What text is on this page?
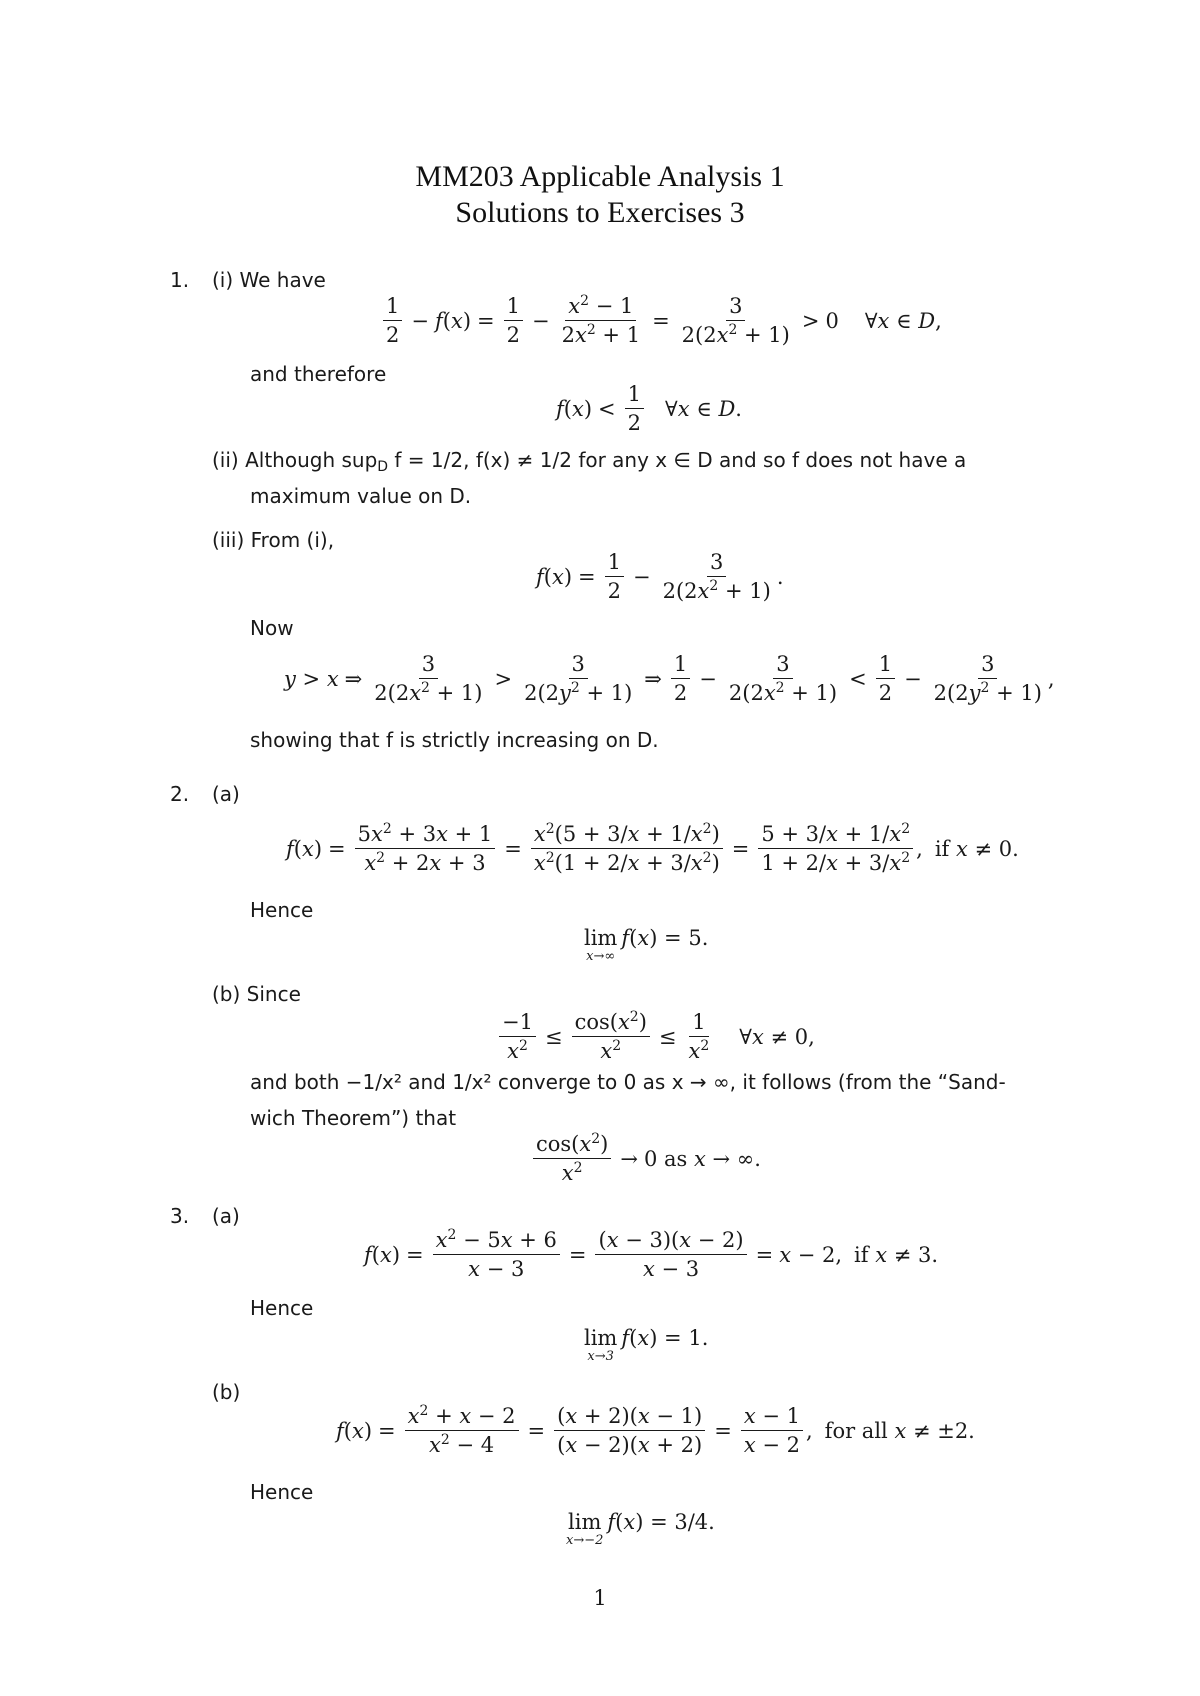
MM203 Applicable Analysis 1
Solutions to Exercises 3
1. (i) We have
$\frac{1}{2} - f(x) = \frac{1}{2} - \frac{x^2 - 1}{2x^2 + 1} = \frac{3}{2(2x^2 + 1)} > 0$ ∀x ∈ D,
and therefore
$f(x) < \frac{1}{2}$ ∀x ∈ D.
(ii) Although sup$_D$ f = 1/2, f(x) ≠ 1/2 for any x ∈ D and so f does not have a
maximum value on D.
(iii) From (i),
$f(x) = \frac{1}{2} - \frac{3}{2(2x^2 + 1)}$ .
Now
y > x ⇒ $\frac{3}{2(2x^2 + 1)} > \frac{3}{2(2y^2 + 1)}$ ⇒ $\frac{1}{2} - \frac{3}{2(2x^2 + 1)} < \frac{1}{2} - \frac{3}{2(2y^2 + 1)}$ ,
showing that f is strictly increasing on D.
2. (a)
$f(x) = \frac{5x^2 + 3x + 1}{x^2 + 2x + 3} = \frac{x^2(5 + 3/x + 1/x^2)}{x^2(1 + 2/x + 3/x^2)} = \frac{5 + 3/x + 1/x^2}{1 + 2/x + 3/x^2}$ , if x ≠ 0.
Hence
lim
x→∞
f(x) = 5.
(b) Since
$\frac{-1}{x^2} \le \frac{\cos(x^2)}{x^2} \le \frac{1}{x^2}$ ∀x ≠ 0,
and both −1/x² and 1/x² converge to 0 as x → ∞, it follows (from the “Sand-
wich Theorem”) that
$\frac{\cos(x^2)}{x^2} \to 0$ as x → ∞.
3. (a)
$f(x) = \frac{x^2 - 5x + 6}{x - 3} = \frac{(x - 3)(x - 2)}{x - 3} = x - 2$, if x ≠ 3.
Hence
lim
x→3
f(x) = 1.
(b)
$f(x) = \frac{x^2 + x - 2}{x^2 - 4} = \frac{(x + 2)(x - 1)}{(x - 2)(x + 2)} = \frac{x - 1}{x - 2}$ , for all x ≠ ±2.
Hence
lim
x→−2
f(x) = 3/4.
1
